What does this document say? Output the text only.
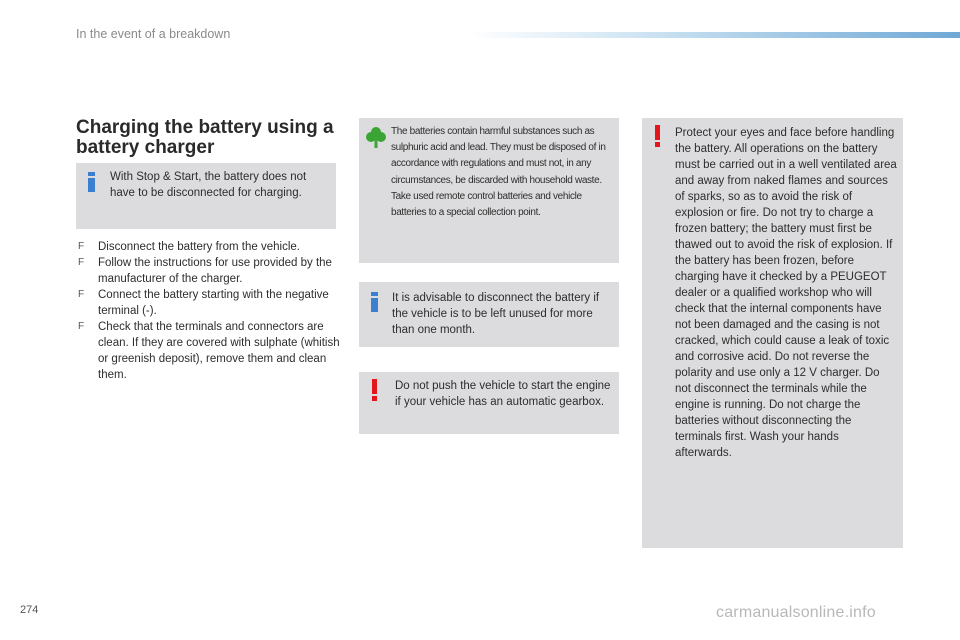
In the event of a breakdown
Charging the battery using a battery charger
With Stop & Start, the battery does not have to be disconnected for charging.
F Disconnect the battery from the vehicle.
F Follow the instructions for use provided by the manufacturer of the charger.
F Connect the battery starting with the negative terminal (-).
F Check that the terminals and connectors are clean. If they are covered with sulphate (whitish or greenish deposit), remove them and clean them.
The batteries contain harmful substances such as sulphuric acid and lead. They must be disposed of in accordance with regulations and must not, in any circumstances, be discarded with household waste. Take used remote control batteries and vehicle batteries to a special collection point.
It is advisable to disconnect the battery if the vehicle is to be left unused for more than one month.
Do not push the vehicle to start the engine if your vehicle has an automatic gearbox.
Protect your eyes and face before handling the battery. All operations on the battery must be carried out in a well ventilated area and away from naked flames and sources of sparks, so as to avoid the risk of explosion or fire. Do not try to charge a frozen battery; the battery must first be thawed out to avoid the risk of explosion. If the battery has been frozen, before charging have it checked by a PEUGEOT dealer or a qualified workshop who will check that the internal components have not been damaged and the casing is not cracked, which could cause a leak of toxic and corrosive acid. Do not reverse the polarity and use only a 12 V charger. Do not disconnect the terminals while the engine is running. Do not charge the batteries without disconnecting the terminals first. Wash your hands afterwards.
274	carmanualsonline.info
